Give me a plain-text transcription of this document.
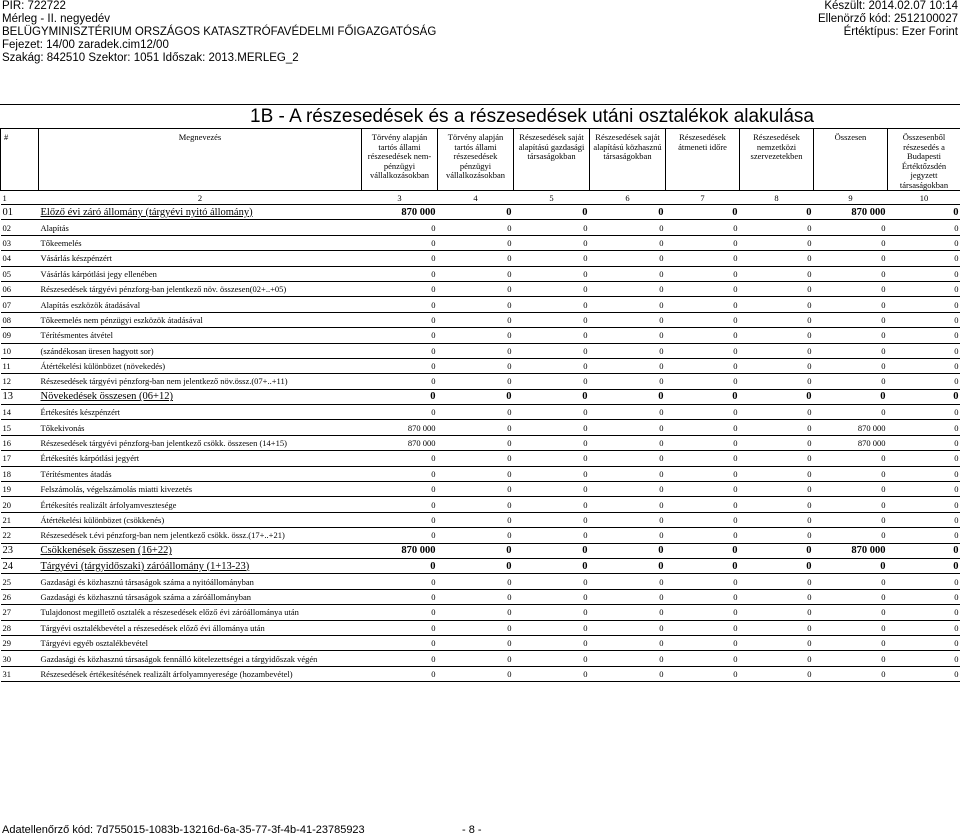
PIR: 722722
Mérleg - II. negyedév
BELÜGYMINISZTÉRIUM ORSZÁGOS KATASZTRÓFAVÉDELMI FŐIGAZGATÓSÁG
Fejezet: 14/00 zaradek.cim12/00
Szakág: 842510 Szektor: 1051 Időszak: 2013.MERLEG_2
Készült: 2014.02.07 10:14
Ellenörző kód: 2512100027
Értéktípus: Ezer Forint
1B - A részesedések és a részesedések utáni osztalékok alakulása
#	Megnevezés	Törvény alapján tartós állami részesedések nem-pénzügyi vállalkozásokban	Törvény alapján tartós állami részesedések pénzügyi vállalkozásokban	Részesedések saját alapítású gazdasági társaságokban	Részesedések saját alapítású közhasznú társaságokban	Részesedések átmeneti időre	Részesedések nemzetközi szervezetekben	Összesen	Összesenből részesedés a Budapesti Értéktőzsdén jegyzett társaságokban
1	2	3	4	5	6	7	8	9	10
01	Előző évi záró állomány (tárgyévi nyitó állomány)	870 000	0	0	0	0	0	870 000	0
02	Alapítás	0	0	0	0	0	0	0	0
03	Tőkeemelés	0	0	0	0	0	0	0	0
04	Vásárlás készpénzért	0	0	0	0	0	0	0	0
05	Vásárlás kárpótlási jegy ellenében	0	0	0	0	0	0	0	0
06	Részesedések tárgyévi pénzforg-ban jelentkező növ. összesen(02+..+05)	0	0	0	0	0	0	0	0
07	Alapítás eszközök átadásával	0	0	0	0	0	0	0	0
08	Tőkeemelés nem pénzügyi eszközök átadásával	0	0	0	0	0	0	0	0
09	Térítésmentes átvétel	0	0	0	0	0	0	0	0
10	(szándékosan üresen hagyott sor)	0	0	0	0	0	0	0	0
11	Átértékelési különbözet (növekedés)	0	0	0	0	0	0	0	0
12	Részesedések tárgyévi pénzforg-ban nem jelentkező növ.össz.(07+..+11)	0	0	0	0	0	0	0	0
13	Növekedések összesen (06+12)	0	0	0	0	0	0	0	0
14	Értékesítés készpénzért	0	0	0	0	0	0	0	0
15	Tőkekivonás	870 000	0	0	0	0	0	870 000	0
16	Részesedések tárgyévi pénzforg-ban jelentkező csökk. összesen (14+15)	870 000	0	0	0	0	0	870 000	0
17	Értékesítés kárpótlási jegyért	0	0	0	0	0	0	0	0
18	Térítésmentes átadás	0	0	0	0	0	0	0	0
19	Felszámolás, végelszámolás miatti kivezetés	0	0	0	0	0	0	0	0
20	Értékesítés realizált árfolyamveszteségе	0	0	0	0	0	0	0	0
21	Átértékelési különbözet (csökkenés)	0	0	0	0	0	0	0	0
22	Részesedések t.évi pénzforg-ban nem jelentkező csökk. össz.(17+..+21)	0	0	0	0	0	0	0	0
23	Csökkenések összesen (16+22)	870 000	0	0	0	0	0	870 000	0
24	Tárgyévi (tárgyidőszaki) záróállomány (1+13-23)	0	0	0	0	0	0	0	0
25	Gazdasági és közhasznú társaságok száma a nyitóállományban	0	0	0	0	0	0	0	0
26	Gazdasági és közhasznú társaságok száma a záróállományban	0	0	0	0	0	0	0	0
27	Tulajdonost megillető osztalék a részesedések előző évi záróállománya után	0	0	0	0	0	0	0	0
28	Tárgyévi osztalékbevétel a részesedések előző évi állománya után	0	0	0	0	0	0	0	0
29	Tárgyévi egyéb osztalékbevétel	0	0	0	0	0	0	0	0
30	Gazdasági és közhasznú társaságok fennálló kötelezettségei a tárgyidőszak végén	0	0	0	0	0	0	0	0
31	Részesedések értékesítésének realizált árfolyamnyeresége (hozambevétel)	0	0	0	0	0	0	0	0
Adatellenőrző kód: 7d755015-1083b-13216d-6a-35-77-3f-4b-41-23785923	- 8 -
